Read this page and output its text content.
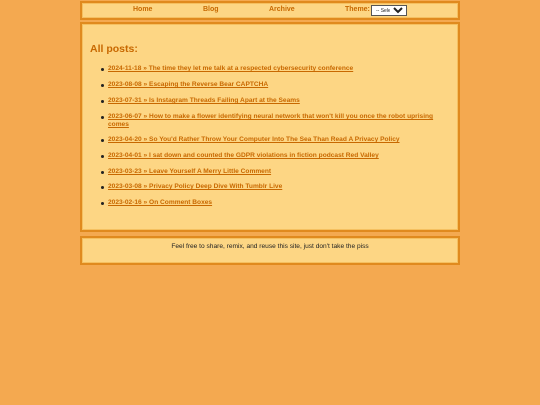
Home	Blog	Archive	Theme:
-- Select --
All posts:
2024-11-18 » The time they let me talk at a respected cybersecurity conference
2023-08-08 » Escaping the Reverse Bear CAPTCHA
2023-07-31 » Is Instagram Threads Failing Apart at the Seams
2023-06-07 » How to make a flower identifying neural network that won't kill you once the robot uprising comes
2023-04-20 » So You'd Rather Throw Your Computer Into The Sea Than Read A Privacy Policy
2023-04-01 » I sat down and counted the GDPR violations in fiction podcast Red Valley
2023-03-23 » Leave Yourself A Merry Little Comment
2023-03-08 » Privacy Policy Deep Dive With Tumblr Live
2023-02-16 » On Comment Boxes

Feel free to share, remix, and reuse this site, just don't take the piss
